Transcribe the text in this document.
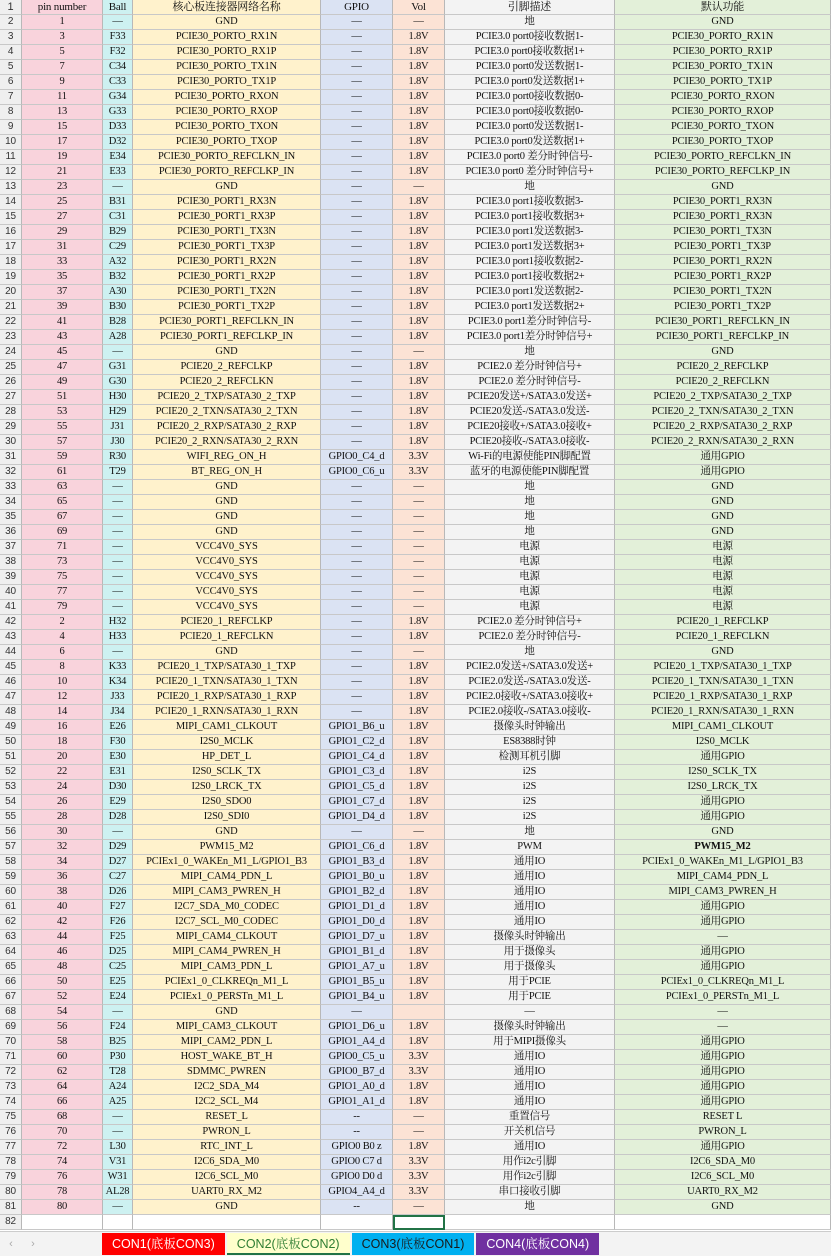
1	pin number	Ball	核心板连接器网络名称	GPIO	Vol	引脚描述	默认功能
2	1	—	GND	—	—	地	GND
3	3	F33	PCIE30_PORTO_RX1N	—	1.8V	PCIE3.0 port0接收数据1-	PCIE30_PORTO_RX1N
4	5	F32	PCIE30_PORTO_RX1P	—	1.8V	PCIE3.0 port0接收数据1+	PCIE30_PORTO_RX1P
5	7	C34	PCIE30_PORTO_TX1N	—	1.8V	PCIE3.0 port0发送数据1-	PCIE30_PORTO_TX1N
6	9	C33	PCIE30_PORTO_TX1P	—	1.8V	PCIE3.0 port0发送数据1+	PCIE30_PORTO_TX1P
7	11	G34	PCIE30_PORTO_RXON	—	1.8V	PCIE3.0 port0接收数据0-	PCIE30_PORTO_RXON
8	13	G33	PCIE30_PORTO_RXOP	—	1.8V	PCIE3.0 port0接收数据0-	PCIE30_PORTO_RXOP
9	15	D33	PCIE30_PORTO_TXON	—	1.8V	PCIE3.0 port0发送数据1-	PCIE30_PORTO_TXON
10	17	D32	PCIE30_PORTO_TXOP	—	1.8V	PCIE3.0 port0发送数据1+	PCIE30_PORTO_TXOP
11	19	E34	PCIE30_PORTO_REFCLKN_IN	—	1.8V	PCIE3.0 port0 差分时钟信号-	PCIE30_PORTO_REFCLKN_IN
12	21	E33	PCIE30_PORTO_REFCLKP_IN	—	1.8V	PCIE3.0 port0 差分时钟信号+	PCIE30_PORTO_REFCLKP_IN
13	23	—	GND	—	—	地	GND
14	25	B31	PCIE30_PORT1_RX3N	—	1.8V	PCIE3.0 port1接收数据3-	PCIE30_PORT1_RX3N
15	27	C31	PCIE30_PORT1_RX3P	—	1.8V	PCIE3.0 port1接收数据3+	PCIE30_PORT1_RX3N
16	29	B29	PCIE30_PORT1_TX3N	—	1.8V	PCIE3.0 port1发送数据3-	PCIE30_PORT1_TX3N
17	31	C29	PCIE30_PORT1_TX3P	—	1.8V	PCIE3.0 port1发送数据3+	PCIE30_PORT1_TX3P
18	33	A32	PCIE30_PORT1_RX2N	—	1.8V	PCIE3.0 port1接收数据2-	PCIE30_PORT1_RX2N
19	35	B32	PCIE30_PORT1_RX2P	—	1.8V	PCIE3.0 port1接收数据2+	PCIE30_PORT1_RX2P
20	37	A30	PCIE30_PORT1_TX2N	—	1.8V	PCIE3.0 port1发送数据2-	PCIE30_PORT1_TX2N
21	39	B30	PCIE30_PORT1_TX2P	—	1.8V	PCIE3.0 port1发送数据2+	PCIE30_PORT1_TX2P
22	41	B28	PCIE30_PORT1_REFCLKN_IN	—	1.8V	PCIE3.0 port1差分时钟信号-	PCIE30_PORT1_REFCLKN_IN
23	43	A28	PCIE30_PORT1_REFCLKP_IN	—	1.8V	PCIE3.0 port1差分时钟信号+	PCIE30_PORT1_REFCLKP_IN
24	45	—	GND	—	—	地	GND
25	47	G31	PCIE20_2_REFCLKP	—	1.8V	PCIE2.0 差分时钟信号+	PCIE20_2_REFCLKP
26	49	G30	PCIE20_2_REFCLKN	—	1.8V	PCIE2.0 差分时钟信号-	PCIE20_2_REFCLKN
27	51	H30	PCIE20_2_TXP/SATA30_2_TXP	—	1.8V	PCIE20发送+/SATA3.0发送+	PCIE20_2_TXP/SATA30_2_TXP
28	53	H29	PCIE20_2_TXN/SATA30_2_TXN	—	1.8V	PCIE20发送-/SATA3.0发送-	PCIE20_2_TXN/SATA30_2_TXN
29	55	J31	PCIE20_2_RXP/SATA30_2_RXP	—	1.8V	PCIE20接收+/SATA3.0接收+	PCIE20_2_RXP/SATA30_2_RXP
30	57	J30	PCIE20_2_RXN/SATA30_2_RXN	—	1.8V	PCIE20接收-/SATA3.0接收-	PCIE20_2_RXN/SATA30_2_RXN
31	59	R30	WIFI_REG_ON_H	GPIO0_C4_d	3.3V	Wi-Fi的电源使能PIN脚配置	通用GPIO
32	61	T29	BT_REG_ON_H	GPIO0_C6_u	3.3V	蓝牙的电源使能PIN脚配置	通用GPIO
33	63	—	GND	—	—	地	GND
34	65	—	GND	—	—	地	GND
35	67	—	GND	—	—	地	GND
36	69	—	GND	—	—	地	GND
37	71	—	VCC4V0_SYS	—	—	电源	电源
38	73	—	VCC4V0_SYS	—	—	电源	电源
39	75	—	VCC4V0_SYS	—	—	电源	电源
40	77	—	VCC4V0_SYS	—	—	电源	电源
41	79	—	VCC4V0_SYS	—	—	电源	电源
42	2	H32	PCIE20_1_REFCLKP	—	1.8V	PCIE2.0 差分时钟信号+	PCIE20_1_REFCLKP
43	4	H33	PCIE20_1_REFCLKN	—	1.8V	PCIE2.0 差分时钟信号-	PCIE20_1_REFCLKN
44	6	—	GND	—	—	地	GND
45	8	K33	PCIE20_1_TXP/SATA30_1_TXP	—	1.8V	PCIE2.0发送+/SATA3.0发送+	PCIE20_1_TXP/SATA30_1_TXP
46	10	K34	PCIE20_1_TXN/SATA30_1_TXN	—	1.8V	PCIE2.0发送-/SATA3.0发送-	PCIE20_1_TXN/SATA30_1_TXN
47	12	J33	PCIE20_1_RXP/SATA30_1_RXP	—	1.8V	PCIE2.0接收+/SATA3.0接收+	PCIE20_1_RXP/SATA30_1_RXP
48	14	J34	PCIE20_1_RXN/SATA30_1_RXN	—	1.8V	PCIE2.0接收-/SATA3.0接收-	PCIE20_1_RXN/SATA30_1_RXN
49	16	E26	MIPI_CAM1_CLKOUT	GPIO1_B6_u	1.8V	摄像头时钟输出	MIPI_CAM1_CLKOUT
50	18	F30	I2S0_MCLK	GPIO1_C2_d	1.8V	ES8388时钟	I2S0_MCLK
51	20	E30	HP_DET_L	GPIO1_C4_d	1.8V	检测耳机引脚	通用GPIO
52	22	E31	I2S0_SCLK_TX	GPIO1_C3_d	1.8V	i2S	I2S0_SCLK_TX
53	24	D30	I2S0_LRCK_TX	GPIO1_C5_d	1.8V	i2S	I2S0_LRCK_TX
54	26	E29	I2S0_SDO0	GPIO1_C7_d	1.8V	i2S	通用GPIO
55	28	D28	I2S0_SDI0	GPIO1_D4_d	1.8V	i2S	通用GPIO
56	30	—	GND	—	—	地	GND
57	32	D29	PWM15_M2	GPIO1_C6_d	1.8V	PWM	PWM15_M2
58	34	D27	PCIEx1_0_WAKEn_M1_L/GPIO1_B3	GPIO1_B3_d	1.8V	通用IO	PCIEx1_0_WAKEn_M1_L/GPIO1_B3
59	36	C27	MIPI_CAM4_PDN_L	GPIO1_B0_u	1.8V	通用IO	MIPI_CAM4_PDN_L
60	38	D26	MIPI_CAM3_PWREN_H	GPIO1_B2_d	1.8V	通用IO	MIPI_CAM3_PWREN_H
61	40	F27	I2C7_SDA_M0_CODEC	GPIO1_D1_d	1.8V	通用IO	通用GPIO
62	42	F26	I2C7_SCL_M0_CODEC	GPIO1_D0_d	1.8V	通用IO	通用GPIO
63	44	F25	MIPI_CAM4_CLKOUT	GPIO1_D7_u	1.8V	摄像头时钟输出	—
64	46	D25	MIPI_CAM4_PWREN_H	GPIO1_B1_d	1.8V	用于摄像头	通用GPIO
65	48	C25	MIPI_CAM3_PDN_L	GPIO1_A7_u	1.8V	用于摄像头	通用GPIO
66	50	E25	PCIEx1_0_CLKREQn_M1_L	GPIO1_B5_u	1.8V	用于PCIE	PCIEx1_0_CLKREQn_M1_L
67	52	E24	PCIEx1_0_PERSTn_M1_L	GPIO1_B4_u	1.8V	用于PCIE	PCIEx1_0_PERSTn_M1_L
68	54	—	GND	—	—	—
69	56	F24	MIPI_CAM3_CLKOUT	GPIO1_D6_u	1.8V	摄像头时钟输出	—
70	58	B25	MIPI_CAM2_PDN_L	GPIO1_A4_d	1.8V	用于MIPI摄像头	通用GPIO
71	60	P30	HOST_WAKE_BT_H	GPIO0_C5_u	3.3V	通用IO	通用GPIO
72	62	T28	SDMMC_PWREN	GPIO0_B7_d	3.3V	通用IO	通用GPIO
73	64	A24	I2C2_SDA_M4	GPIO1_A0_d	1.8V	通用IO	通用GPIO
74	66	A25	I2C2_SCL_M4	GPIO1_A1_d	1.8V	通用IO	通用GPIO
75	68	—	RESET_L	--	—	重置信号	RESET L
76	70	—	PWRON_L	--	—	开关机信号	PWRON_L
77	72	L30	RTC_INT_L	GPIO0 B0 z	1.8V	通用IO	通用GPIO
78	74	V31	I2C6_SDA_M0	GPIO0 C7 d	3.3V	用作i2c引脚	I2C6_SDA_M0
79	76	W31	I2C6_SCL_M0	GPIO0 D0 d	3.3V	用作i2c引脚	I2C6_SCL_M0
80	78	AL28	UART0_RX_M2	GPIO4_A4_d	3.3V	串口接收引脚	UART0_RX_M2
81	80	—	GND	--	—	地	GND
82
‹	›	CON1(底板CON3)	CON2(底板CON2)	CON3(底板CON1)	CON4(底板CON4)
